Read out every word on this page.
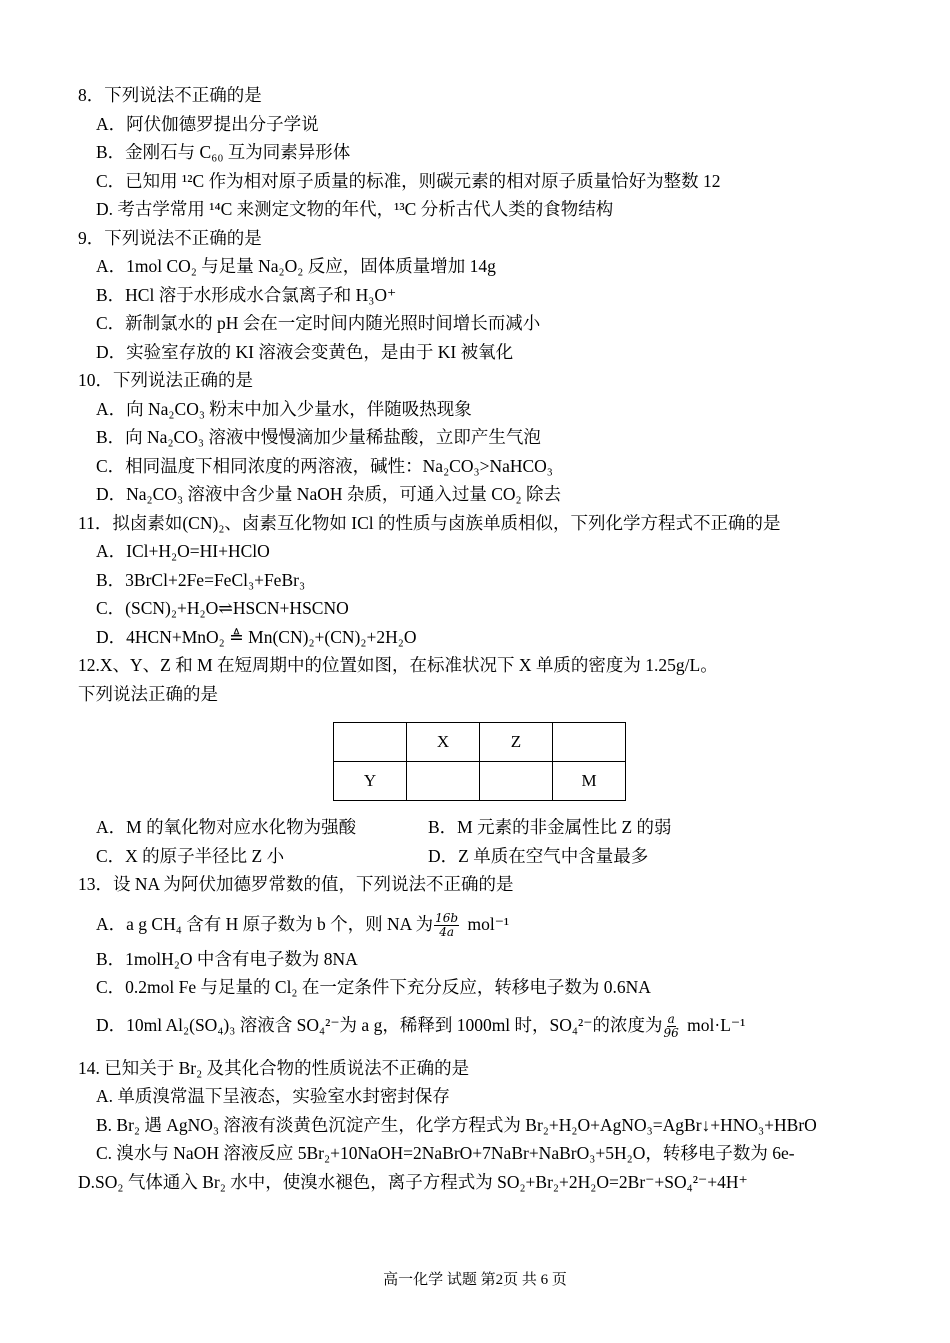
8．下列说法不正确的是
A．阿伏伽德罗提出分子学说
B．金刚石与 C₆₀ 互为同素异形体
C．已知用 ¹²C 作为相对原子质量的标准，则碳元素的相对原子质量恰好为整数 12
D. 考古学常用 ¹⁴C 来测定文物的年代，¹³C 分析古代人类的食物结构
9．下列说法不正确的是
A．1mol CO₂ 与足量 Na₂O₂ 反应，固体质量增加 14g
B．HCl 溶于水形成水合氯离子和 H₃O⁺
C．新制氯水的 pH 会在一定时间内随光照时间增长而减小
D．实验室存放的 KI 溶液会变黄色，是由于 KI 被氧化
10．下列说法正确的是
A．向 Na₂CO₃ 粉末中加入少量水，伴随吸热现象
B．向 Na₂CO₃ 溶液中慢慢滴加少量稀盐酸，立即产生气泡
C．相同温度下相同浓度的两溶液，碱性：Na₂CO₃>NaHCO₃
D．Na₂CO₃ 溶液中含少量 NaOH 杂质，可通入过量 CO₂ 除去
11．拟卤素如(CN)₂、卤素互化物如 ICl 的性质与卤族单质相似，下列化学方程式不正确的是
A．ICl+H₂O=HI+HClO
B．3BrCl+2Fe=FeCl₃+FeBr₃
C．(SCN)₂+H₂O⇌HSCN+HSCNO
D．4HCN+MnO₂ ≜ Mn(CN)₂+(CN)₂+2H₂O
12.X、Y、Z 和 M 在短周期中的位置如图，在标准状况下 X 单质的密度为 1.25g/L。
下列说法正确的是
	X	Z	
Y			M
A．M 的氧化物对应水化物为强酸	B．M 元素的非金属性比 Z 的弱
C．X 的原子半径比 Z 小	D．Z 单质在空气中含量最多
13．设 NA 为阿伏加德罗常数的值，下列说法不正确的是
A．a g CH₄ 含有 H 原子数为 b 个，则 NA 为 $\frac{16b}{4a} mol^{-1}$
B．1molH₂O 中含有电子数为 8NA
C．0.2mol Fe 与足量的 Cl₂ 在一定条件下充分反应，转移电子数为 0.6NA
D．10ml Al₂(SO₄)₃ 溶液含 SO₄²⁻为 a g，稀释到 1000ml 时，SO₄²⁻的浓度为 $\frac{a}{96} mol\cdot L^{-1}$
14. 已知关于 Br₂ 及其化合物的性质说法不正确的是
A. 单质溴常温下呈液态，实验室水封密封保存
B. Br₂ 遇 AgNO₃ 溶液有淡黄色沉淀产生，化学方程式为 Br₂+H₂O+AgNO₃=AgBr↓+HNO₃+HBrO
C. 溴水与 NaOH 溶液反应 5Br₂+10NaOH=2NaBrO+7NaBr+NaBrO₃+5H₂O，转移电子数为 6e-
D.SO₂ 气体通入 Br₂ 水中，使溴水褪色，离子方程式为 SO₂+Br₂+2H₂O=2Br⁻+SO₄²⁻+4H⁺
高一化学 试题 第2页 共 6 页
